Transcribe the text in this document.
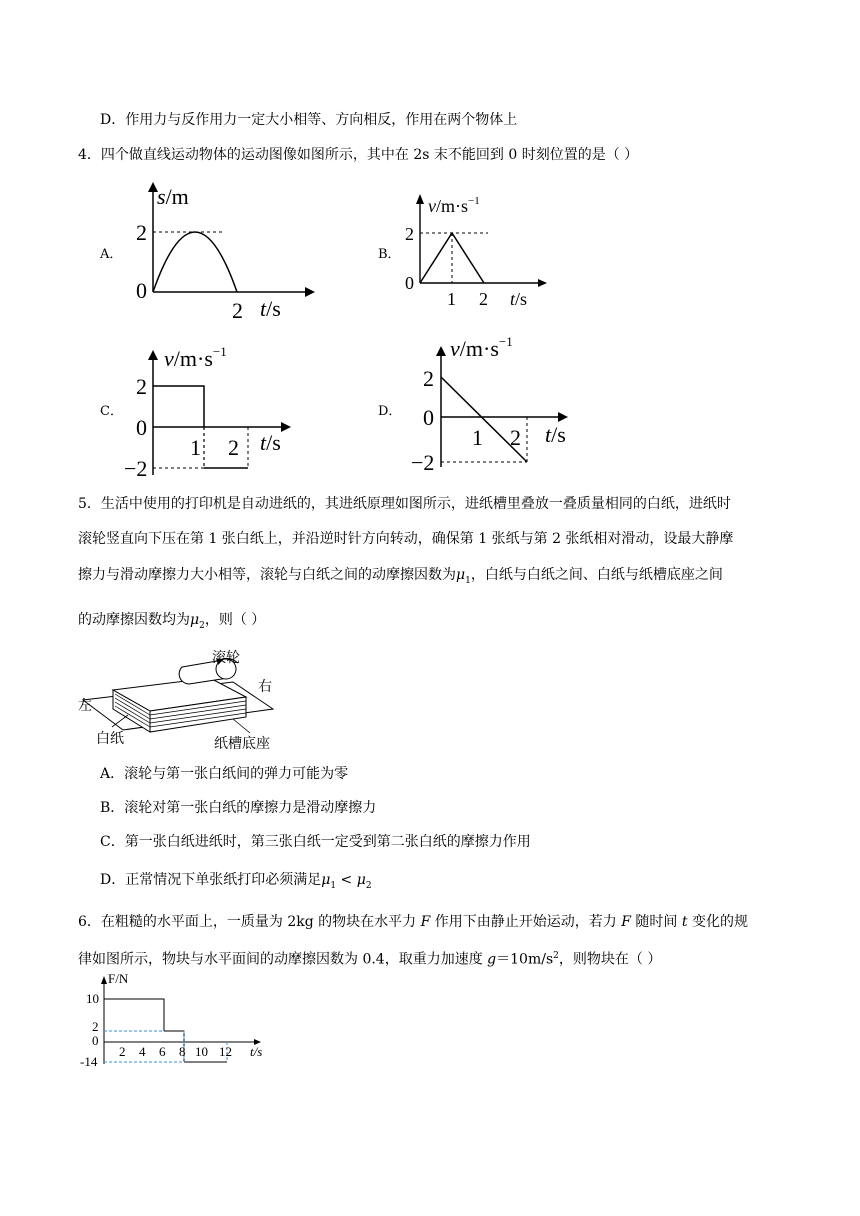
D．作用力与反作用力一定大小相等、方向相反，作用在两个物体上
4．四个做直线运动物体的运动图像如图所示，其中在 2s 末不能回到 0 时刻位置的是（ ）
A．	B．
C．	D．
s/m
2
0
2 t/s
$v/m\cdot s^{-1}$
2
0
1 2 t/s
$v/m\cdot s^{-1}$
2
0
−2
1 2 t/s
$v/m\cdot s^{-1}$
2
0
−2
1 2 t/s
5．生活中使用的打印机是自动进纸的，其进纸原理如图所示，进纸槽里叠放一叠质量相同的白纸，进纸时
滚轮竖直向下压在第 1 张白纸上，并沿逆时针方向转动，确保第 1 张纸与第 2 张纸相对滑动，设最大静摩
擦力与滑动摩擦力大小相等，滚轮与白纸之间的动摩擦因数为$\mu_1$，白纸与白纸之间、白纸与纸槽底座之间
的动摩擦因数均为$\mu_2$，则（ ）
滚轮
右
左
白纸	纸槽底座
A．滚轮与第一张白纸间的弹力可能为零
B．滚轮对第一张白纸的摩擦力是滑动摩擦力
C．第一张白纸进纸时，第三张白纸一定受到第二张白纸的摩擦力作用
D．正常情况下单张纸打印必须满足$\mu_1 < \mu_2$
6．在粗糙的水平面上，一质量为 2kg 的物块在水平力 F 作用下由静止开始运动，若力 F 随时间 t 变化的规
律如图所示，物块与水平面间的动摩擦因数为 0.4，取重力加速度 $g=10m/s^2$，则物块在（ ）
F/N
10
2
0
-14
2 4 6 8 10 12 t/s
